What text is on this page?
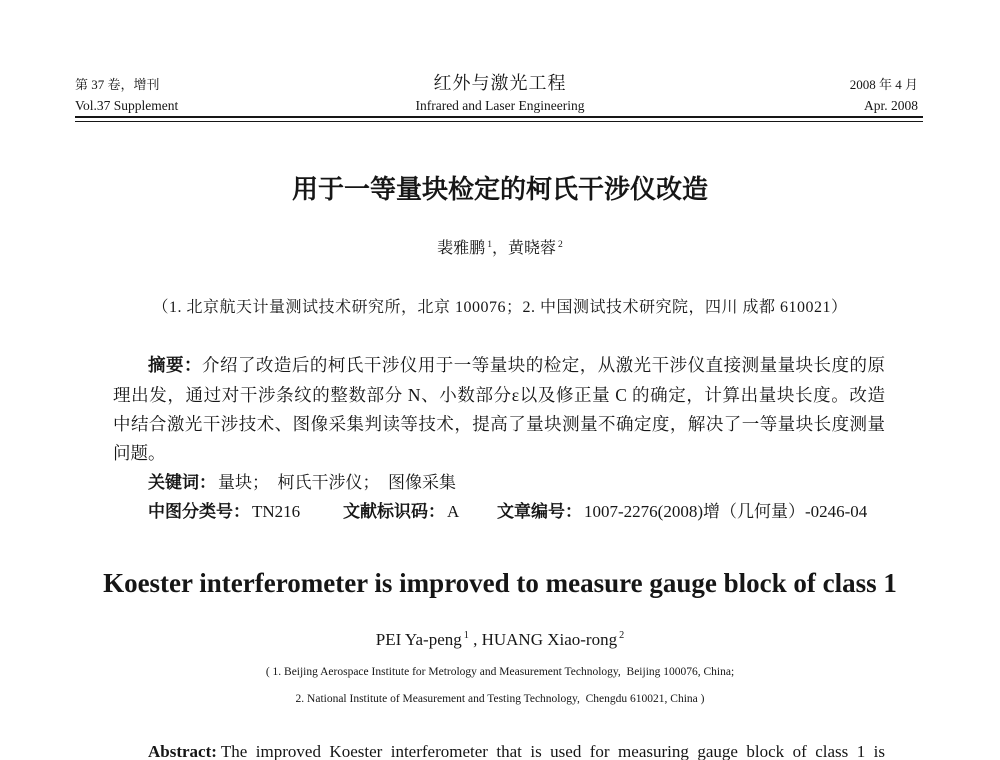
第 37 卷，增刊	红外与激光工程	2008 年 4 月
Vol.37 Supplement	Infrared and Laser Engineering	Apr. 2008
用于一等量块检定的柯氏干涉仪改造
裴雅鹏 $^1$，黄晓蓉 $^2$
（1. 北京航天计量测试技术研究所，北京 100076；2. 中国测试技术研究院，四川 成都 610021）
摘要：介绍了改造后的柯氏干涉仪用于一等量块的检定，从激光干涉仪直接测量量块长度的原
理出发，通过对干涉条纹的整数部分 N、小数部分ε以及修正量 C 的确定，计算出量块长度。改造
中结合激光干涉技术、图像采集判读等技术，提高了量块测量不确定度，解决了一等量块长度测量
问题。
关键词： 量块；  柯氏干涉仪；  图像采集
中图分类号： TN216	文献标识码： A 文章编号： 1007-2276(2008)增（几何量）-0246-04
Koester interferometer is improved to measure gauge block of class 1
PEI Ya-peng $^1$ , HUANG Xiao-rong $^2$
( 1. Beijing Aerospace Institute for Metrology and Measurement Technology,  Beijing 100076, China;
2. National Institute of Measurement and Testing Technology,  Chengdu 610021, China )
Abstract: The improved Koester interferometer that is used for measuring gauge block of class 1 is
